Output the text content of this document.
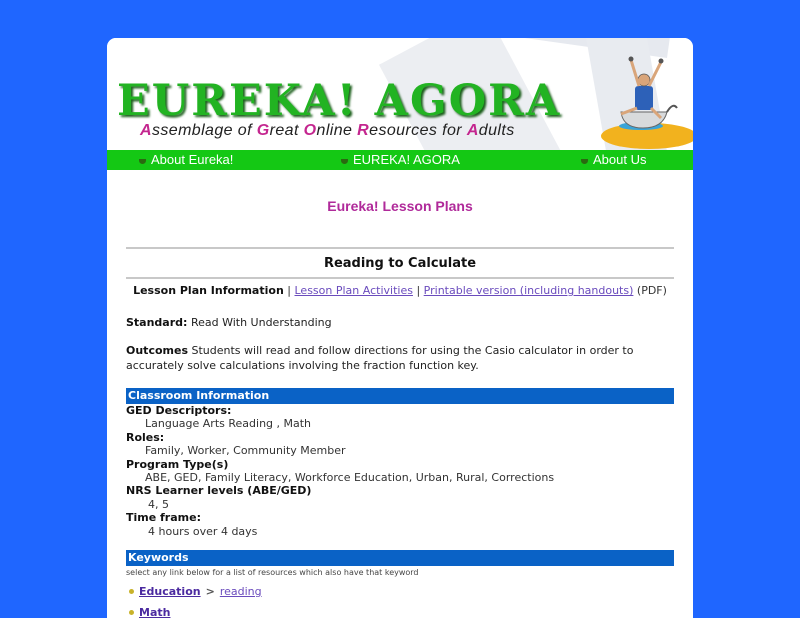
EUREKA! AGORA
Assemblage of Great Online Resources for Adults
About Eureka!	EUREKA! AGORA	About Us
Eureka! Lesson Plans
Reading to Calculate
Lesson Plan Information | Lesson Plan Activities | Printable version (including handouts) (PDF)
Standard: Read With Understanding
Outcomes Students will read and follow directions for using the Casio calculator in order to accurately solve calculations involving the fraction function key.
Classroom Information
GED Descriptors:
Language Arts Reading , Math
Roles:
Family, Worker, Community Member
Program Type(s)
ABE, GED, Family Literacy, Workforce Education, Urban, Rural, Corrections
NRS Learner levels (ABE/GED)
4, 5
Time frame:
4 hours over 4 days
Keywords
select any link below for a list of resources which also have that keyword
Education > reading
Math
